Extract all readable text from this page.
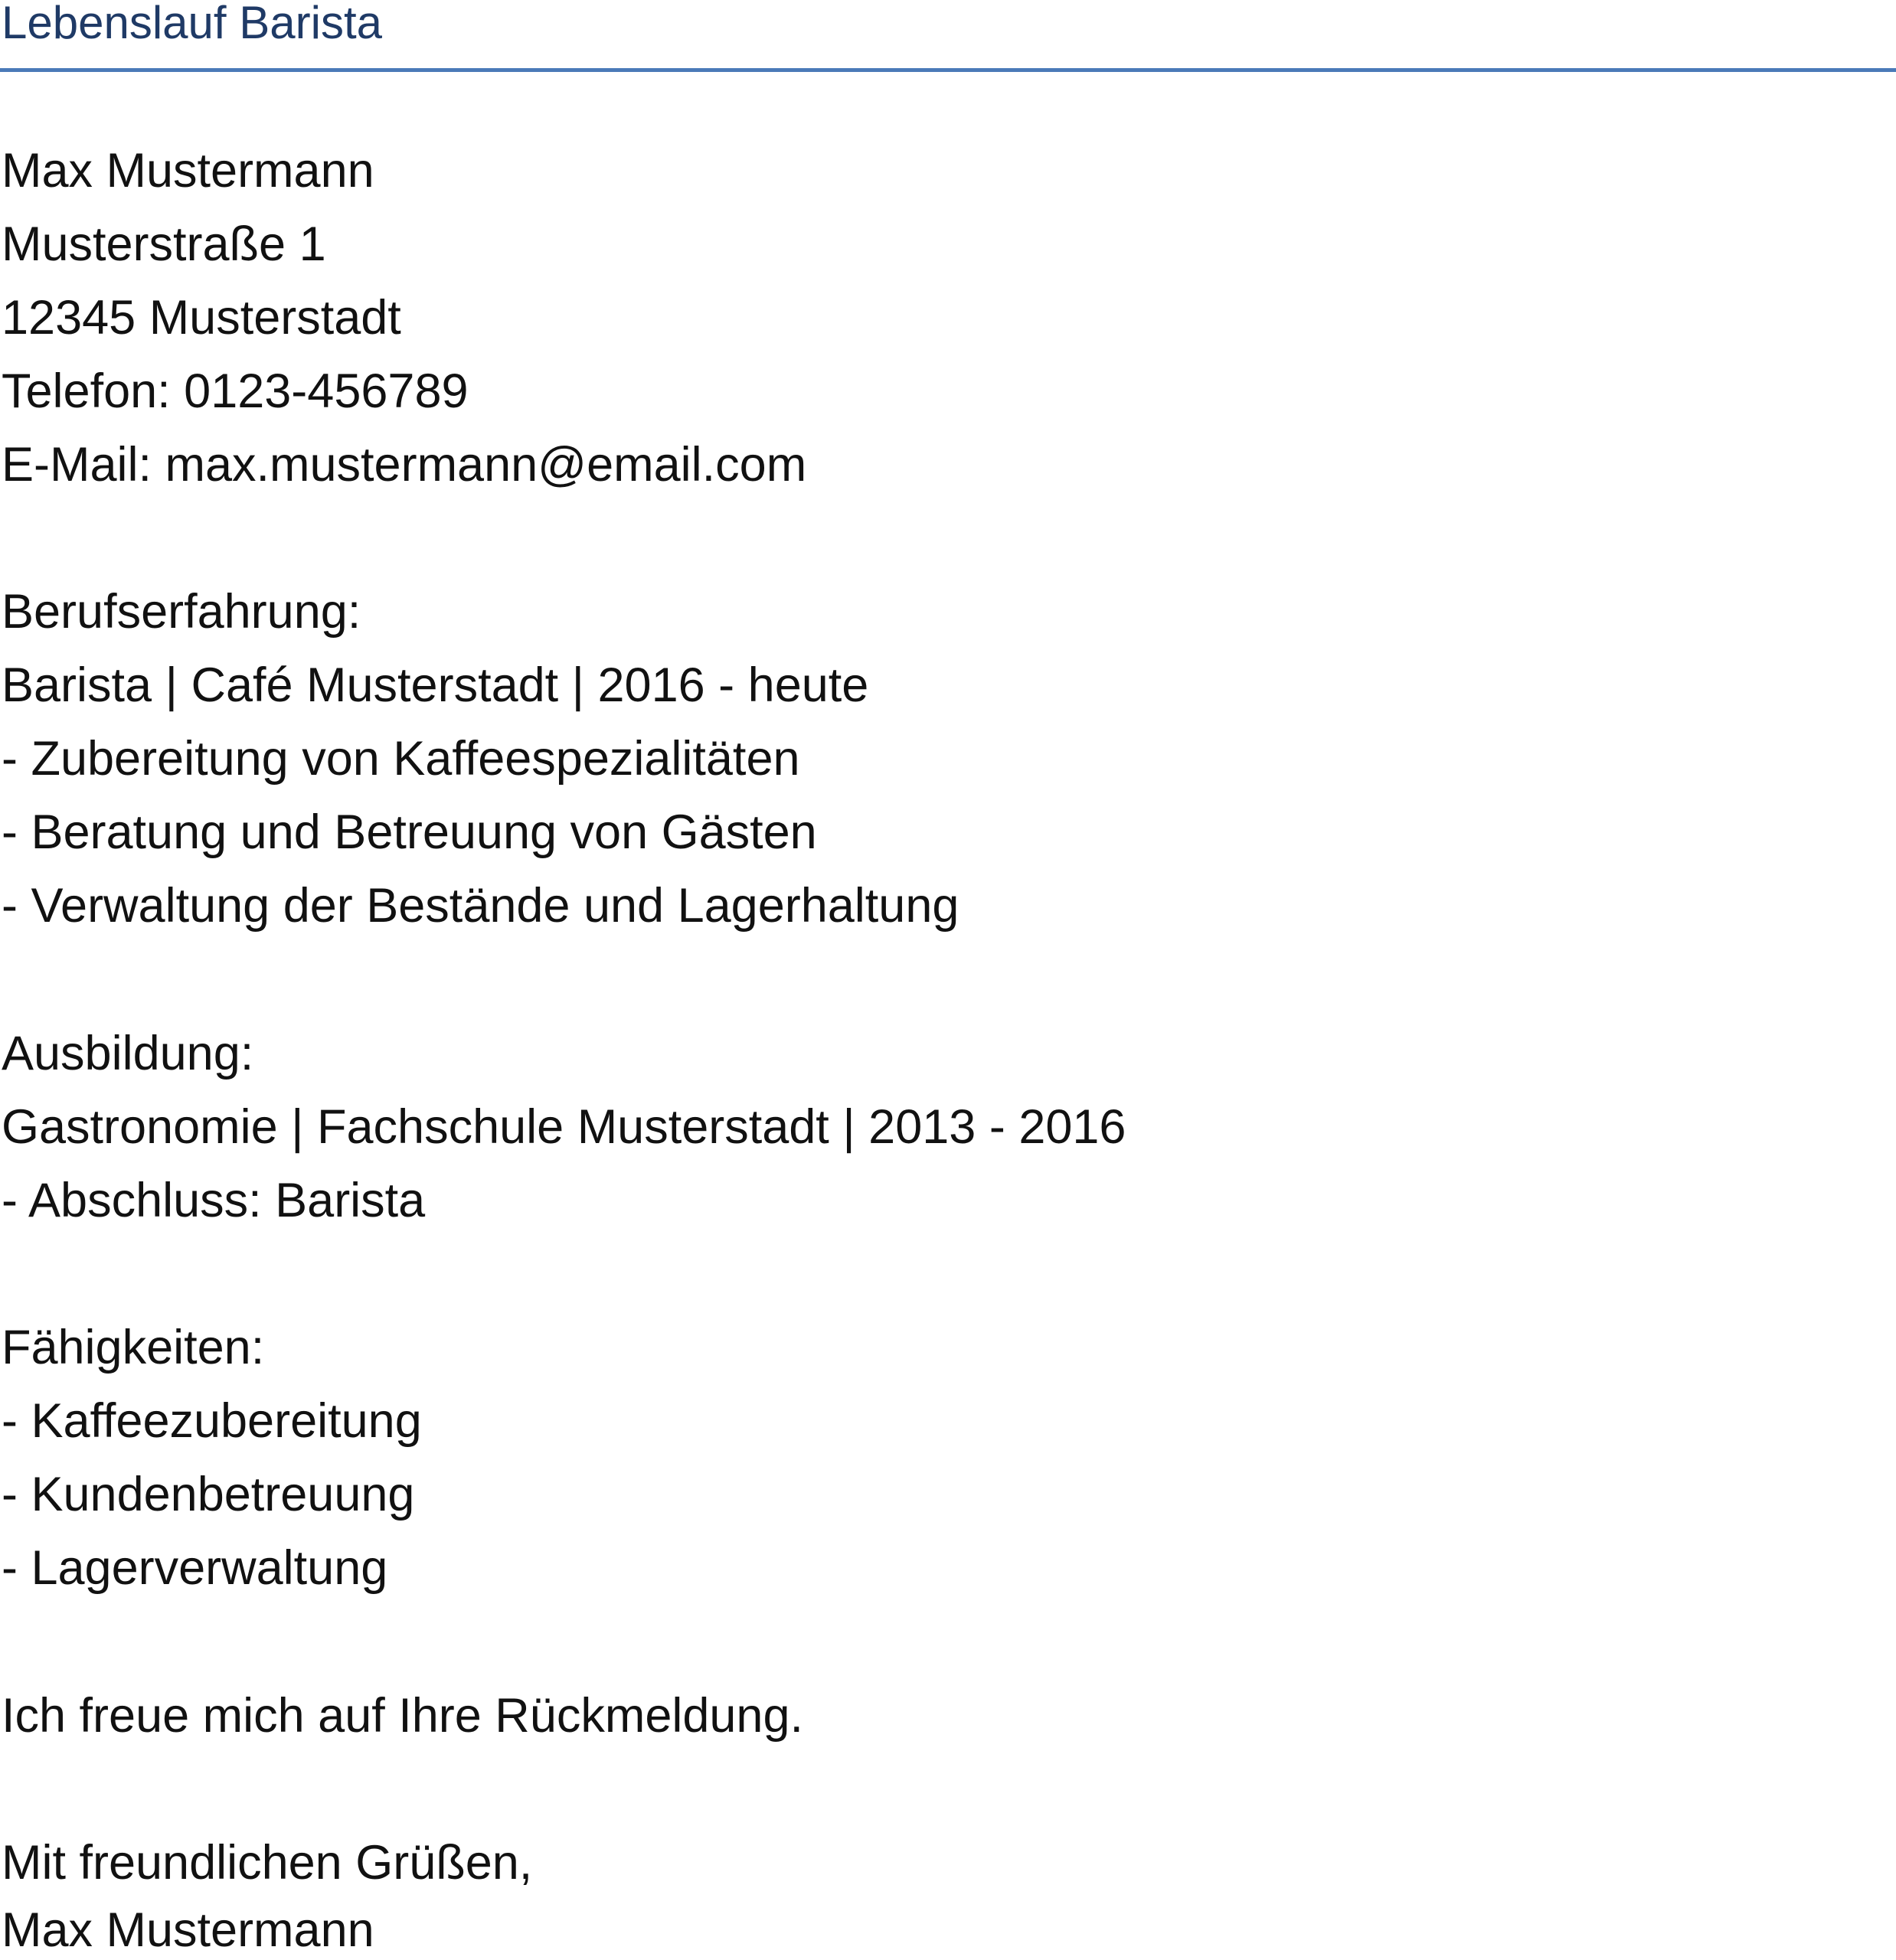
Lebenslauf Barista
Max Mustermann
Musterstraße 1
12345 Musterstadt
Telefon: 0123-456789
E-Mail: max.mustermann@email.com
Berufserfahrung:
Barista | Café Musterstadt | 2016 - heute
- Zubereitung von Kaffeespezialitäten
- Beratung und Betreuung von Gästen
- Verwaltung der Bestände und Lagerhaltung
Ausbildung:
Gastronomie | Fachschule Musterstadt | 2013 - 2016
- Abschluss: Barista
Fähigkeiten:
- Kaffeezubereitung
- Kundenbetreuung
- Lagerverwaltung
Ich freue mich auf Ihre Rückmeldung.
Mit freundlichen Grüßen,
Max Mustermann
